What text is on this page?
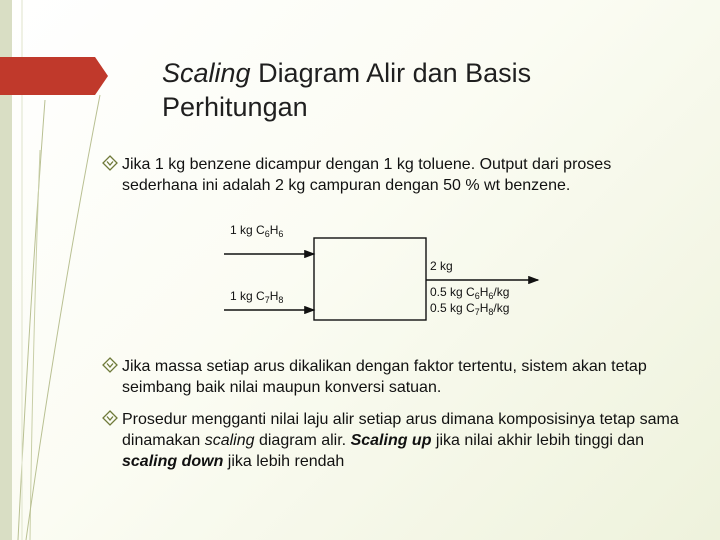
Scaling Diagram Alir dan Basis Perhitungan
Jika 1 kg benzene dicampur dengan 1 kg toluene. Output dari proses sederhana ini adalah 2 kg campuran dengan 50 % wt benzene.
1 kg $C_6H_6$
1 kg $C_7H_8$
2 kg
0.5 kg $C_6H_6/kg$
0.5 kg $C_7H_8/kg$
Jika massa setiap arus dikalikan dengan faktor tertentu, sistem akan tetap seimbang baik nilai maupun konversi satuan.
Prosedur mengganti nilai laju alir setiap arus dimana komposisinya tetap sama dinamakan scaling diagram alir. Scaling up jika nilai akhir lebih tinggi dan scaling down jika lebih rendah
